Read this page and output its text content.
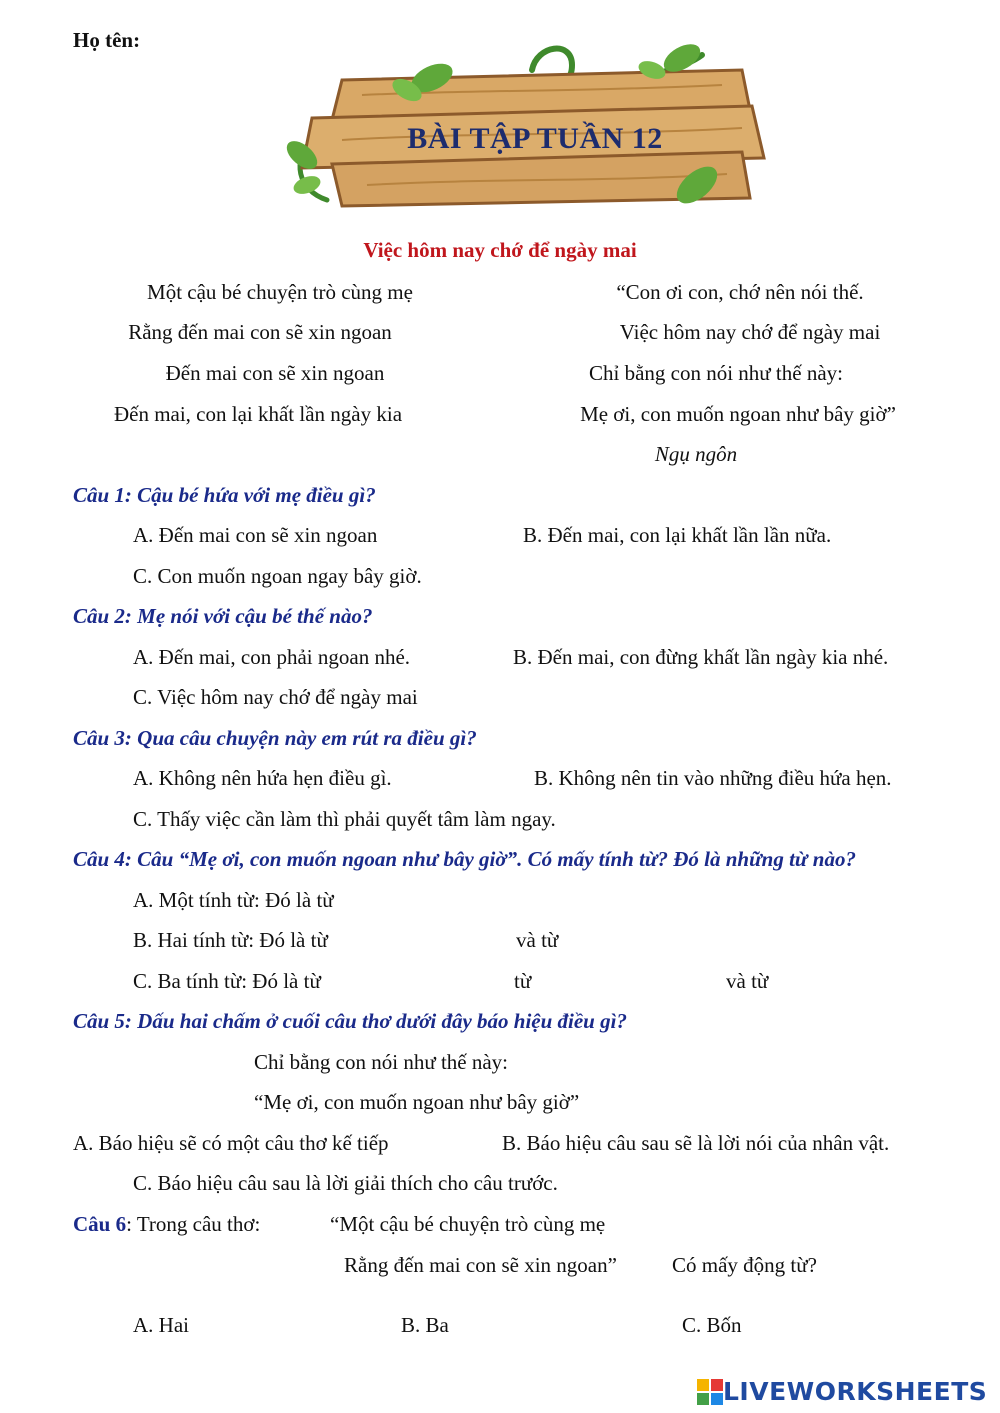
Họ tên:
BÀI TẬP TUẦN 12
Việc hôm nay chớ để ngày mai
Một cậu bé chuyện trò cùng mẹ
Rằng đến mai con sẽ xin ngoan
Đến mai con sẽ xin ngoan
Đến mai, con lại khất lần ngày kia
“Con ơi con, chớ nên nói thế.
Việc hôm nay chớ để ngày mai
Chỉ bằng con nói như thế này:
Mẹ ơi, con muốn ngoan như bây giờ”
Ngụ ngôn
Câu 1: Cậu bé hứa với mẹ điều gì?
A. Đến mai con sẽ xin ngoan	B. Đến mai, con lại khất lần lần nữa.
C. Con muốn ngoan ngay bây giờ.
Câu 2: Mẹ nói với cậu bé thế nào?
A. Đến mai, con phải ngoan nhé.	B. Đến mai, con đừng khất lần ngày kia nhé.
C. Việc hôm nay chớ để ngày mai
Câu 3: Qua câu chuyện này em rút ra điều gì?
A. Không nên hứa hẹn điều gì.	B. Không nên tin vào những điều hứa hẹn.
C. Thấy việc cần làm thì phải quyết tâm làm ngay.
Câu 4: Câu “Mẹ ơi, con muốn ngoan như bây giờ”. Có mấy tính từ? Đó là những từ nào?
A. Một tính từ: Đó là từ
B. Hai tính từ: Đó là từ	và từ
C. Ba tính từ: Đó là từ	từ	và từ
Câu 5: Dấu hai chấm ở cuối câu thơ dưới đây báo hiệu điều gì?
Chỉ bằng con nói như thế này:
“Mẹ ơi, con muốn ngoan như bây giờ”
A. Báo hiệu sẽ có một câu thơ kế tiếp	B. Báo hiệu câu sau sẽ là lời nói của nhân vật.
C. Báo hiệu câu sau là lời giải thích cho câu trước.
Câu 6: Trong câu thơ:	“Một cậu bé chuyện trò cùng mẹ
Rằng đến mai con sẽ xin ngoan”	Có mấy động từ?
A. Hai	B. Ba	C. Bốn
LIVEWORKSHEETS
